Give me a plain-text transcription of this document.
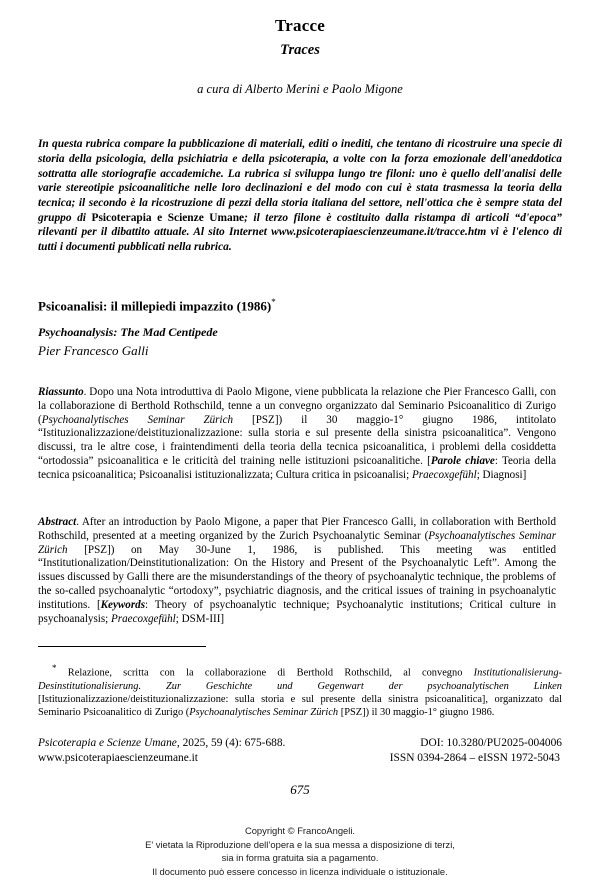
Tracce
Traces
a cura di Alberto Merini e Paolo Migone

In questa rubrica compare la pubblicazione di materiali, editi o inediti, che tentano di ricostruire una specie di storia della psicologia, della psichiatria e della psicoterapia, a volte con la forza emozionale dell'aneddotica sottratta alle storiografie accademiche. La rubrica si sviluppa lungo tre filoni: uno è quello dell'analisi delle varie stereotipie psicoanalitiche nelle loro declinazioni e del modo con cui è stata trasmessa la teoria della tecnica; il secondo è la ricostruzione di pezzi della storia italiana del settore, nell'ottica che è sempre stata del gruppo di Psicoterapia e Scienze Umane; il terzo filone è costituito dalla ristampa di articoli “d'epoca” rilevanti per il dibattito attuale. Al sito Internet www.psicoterapiaescienzeumane.it/tracce.htm vi è l'elenco di tutti i documenti pubblicati nella rubrica.

Psicoanalisi: il millepiedi impazzito (1986)*
Psychoanalysis: The Mad Centipede
Pier Francesco Galli

Riassunto. Dopo una Nota introduttiva di Paolo Migone, viene pubblicata la relazione che Pier Francesco Galli, con la collaborazione di Berthold Rothschild, tenne a un convegno organizzato dal Seminario Psicoanalitico di Zurigo (Psychoanalytisches Seminar Zürich [PSZ]) il 30 maggio-1° giugno 1986, intitolato “Istituzionalizzazione/deistituzionalizzazione: sulla storia e sul presente della sinistra psicoanalitica”. Vengono discussi, tra le altre cose, i fraintendimenti della teoria della tecnica psicoanalitica, i problemi della cosiddetta “ortodossia” psicoanalitica e le criticità del training nelle istituzioni psicoanalitiche. [Parole chiave: Teoria della tecnica psicoanalitica; Psicoanalisi istituzionalizzata; Cultura critica in psicoanalisi; Praecoxgefühl; Diagnosi]

Abstract. After an introduction by Paolo Migone, a paper that Pier Francesco Galli, in collaboration with Berthold Rothschild, presented at a meeting organized by the Zurich Psychoanalytic Seminar (Psychoanalytisches Seminar Zürich [PSZ]) on May 30-June 1, 1986, is published. This meeting was entitled “Institutionalization/Deinstitutionalization: On the History and Present of the Psychoanalytic Left”. Among the issues discussed by Galli there are the misunderstandings of the theory of psychoanalytic technique, the problems of the so-called psychoanalytic “ortodoxy”, psychiatric diagnosis, and the critical issues of training in psychoanalytic institutions. [Keywords: Theory of psychoanalytic technique; Psychoanalytic institutions; Critical culture in psychoanalysis; Praecoxgefühl; DSM-III]

* Relazione, scritta con la collaborazione di Berthold Rothschild, al convegno Institutionalisierung-Desinstitutionalisierung. Zur Geschichte und Gegenwart der psychoanalytischen Linken [Istituzionalizzazione/deistituzionalizzazione: sulla storia e sul presente della sinistra psicoanalitica], organizzato dal Seminario Psicoanalitico di Zurigo (Psychoanalytisches Seminar Zürich [PSZ]) il 30 maggio-1° giugno 1986.

Psicoterapia e Scienze Umane, 2025, 59 (4): 675-688.	DOI: 10.3280/PU2025-004006
www.psicoterapiaescienzeumane.it	ISSN 0394-2864 – eISSN 1972-5043
675
Copyright © FrancoAngeli.
E' vietata la Riproduzione dell’opera e la sua messa a disposizione di terzi,
sia in forma gratuita sia a pagamento.
Il documento può essere concesso in licenza individuale o istituzionale.
